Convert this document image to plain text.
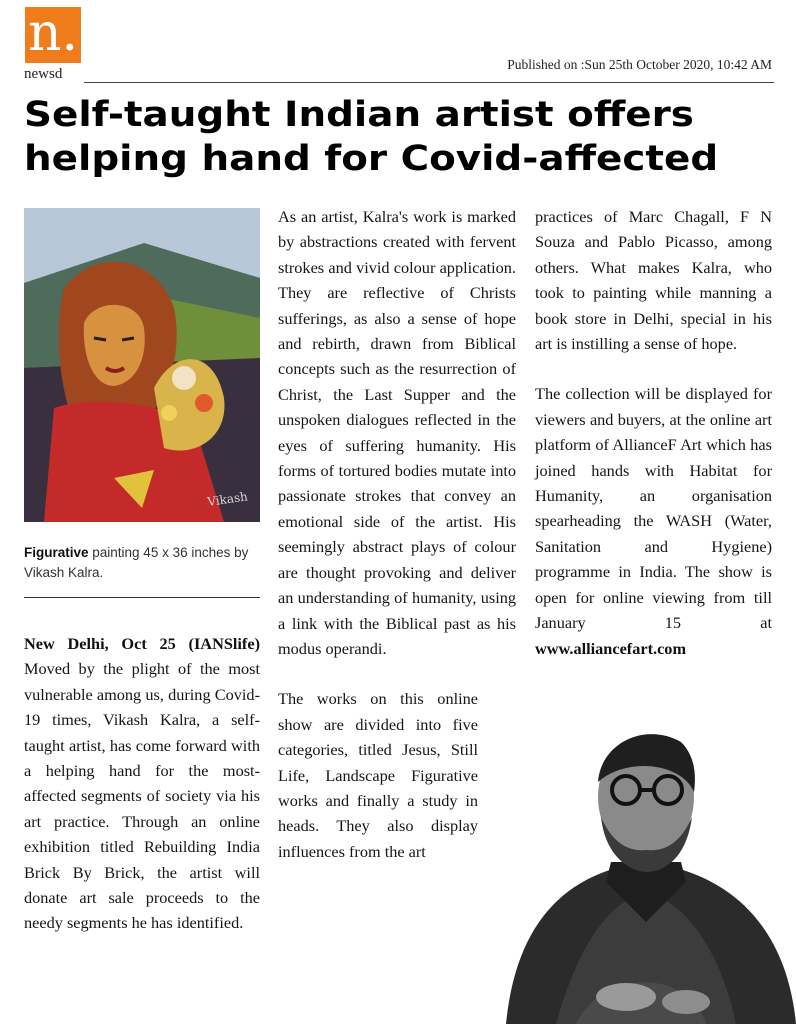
n.
newsd
Published on :Sun 25th October 2020, 10:42 AM
Self-taught Indian artist offers
helping hand for Covid-affected
Vikash
Figurative painting 45 x 36 inches by Vikash Kalra.

New Delhi, Oct 25 (IANSlife) Moved by the plight of the most vulnerable among us, during Covid-19 times, Vikash Kalra, a self-taught artist, has come forward with a helping hand for the most-affected segments of society via his art practice. Through an online exhibition titled Rebuilding India Brick By Brick, the artist will donate art sale proceeds to the needy segments he has identified.

As an artist, Kalra's work is marked by abstractions created with fervent strokes and vivid colour application. They are reflective of Christs sufferings, as also a sense of hope and rebirth, drawn from Biblical concepts such as the resurrection of Christ, the Last Supper and the unspoken dialogues reflected in the eyes of suffering humanity. His forms of tortured bodies mutate into passionate strokes that convey an emotional side of the artist. His seemingly abstract plays of colour are thought provoking and deliver an understanding of humanity, using a link with the Biblical past as his modus operandi.

The works on this online show are divided into five categories, titled Jesus, Still Life, Landscape Figurative works and finally a study in heads. They also display influences from the art

practices of Marc Chagall, F N Souza and Pablo Picasso, among others. What makes Kalra, who took to painting while manning a book store in Delhi, special in his art is instilling a sense of hope.

The collection will be displayed for viewers and buyers, at the online art platform of AllianceF Art which has joined hands with Habitat for Humanity, an organisation spearheading the WASH (Water, Sanitation and Hygiene) programme in India. The show is open for online viewing from till January 15 at www.alliancefart.com
